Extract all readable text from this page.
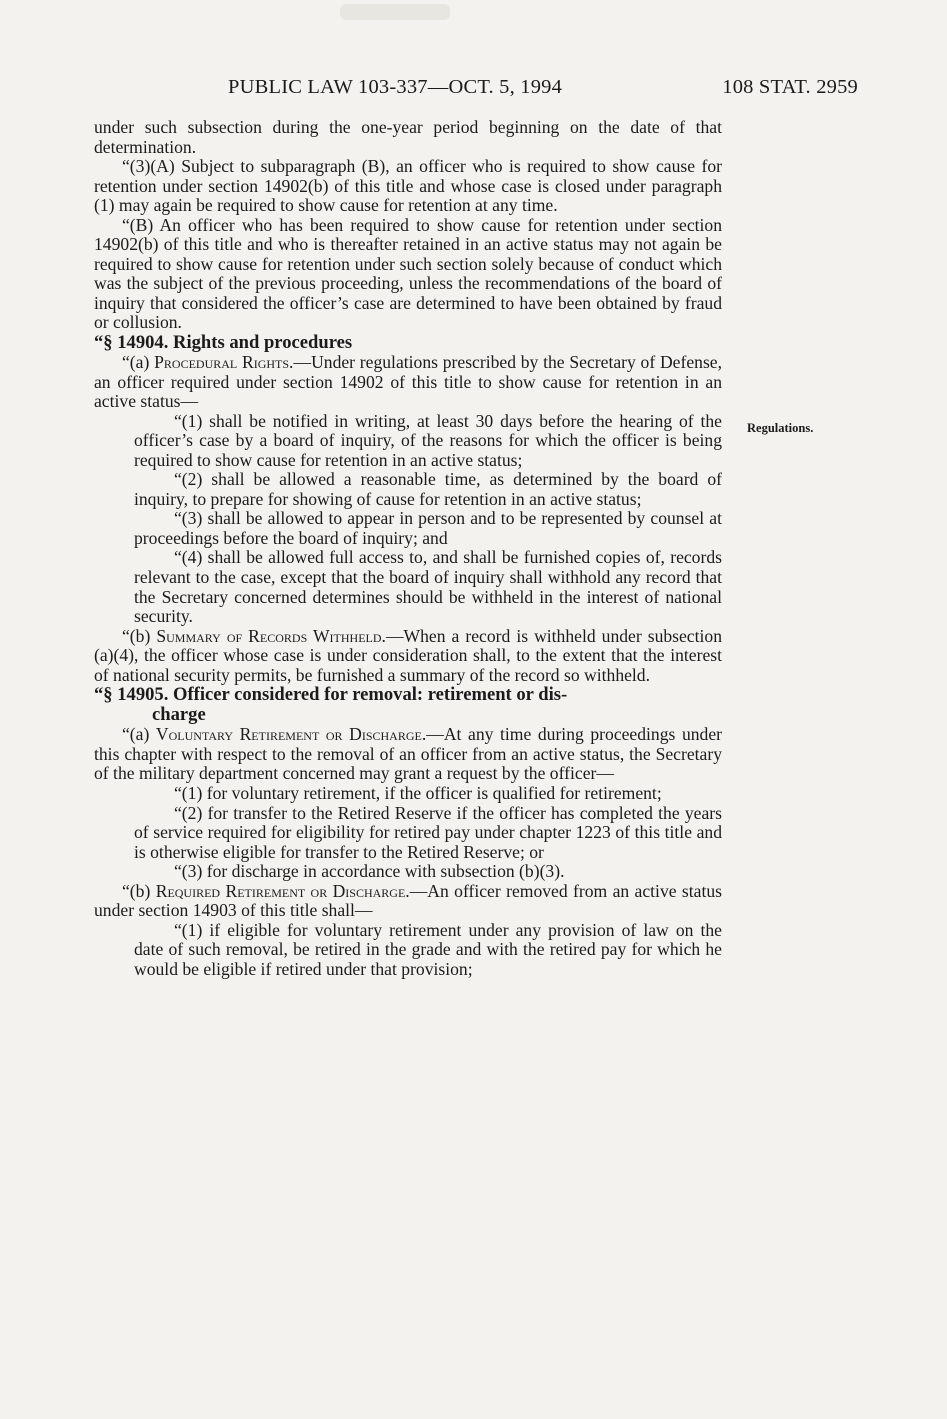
PUBLIC LAW 103-337—OCT. 5, 1994	108 STAT. 2959
Regulations.

under such subsection during the one-year period beginning on the date of that determination.

“(3)(A) Subject to subparagraph (B), an officer who is required to show cause for retention under section 14902(b) of this title and whose case is closed under paragraph (1) may again be required to show cause for retention at any time.

“(B) An officer who has been required to show cause for retention under section 14902(b) of this title and who is thereafter retained in an active status may not again be required to show cause for retention under such section solely because of conduct which was the subject of the previous proceeding, unless the recommendations of the board of inquiry that considered the officer’s case are determined to have been obtained by fraud or collusion.

“§ 14904. Rights and procedures

“(a) Procedural Rights.—Under regulations prescribed by the Secretary of Defense, an officer required under section 14902 of this title to show cause for retention in an active status—

“(1) shall be notified in writing, at least 30 days before the hearing of the officer’s case by a board of inquiry, of the reasons for which the officer is being required to show cause for retention in an active status;

“(2) shall be allowed a reasonable time, as determined by the board of inquiry, to prepare for showing of cause for retention in an active status;

“(3) shall be allowed to appear in person and to be represented by counsel at proceedings before the board of inquiry; and

“(4) shall be allowed full access to, and shall be furnished copies of, records relevant to the case, except that the board of inquiry shall withhold any record that the Secretary concerned determines should be withheld in the interest of national security.

“(b) Summary of Records Withheld.—When a record is withheld under subsection (a)(4), the officer whose case is under consideration shall, to the extent that the interest of national security permits, be furnished a summary of the record so withheld.

“§ 14905. Officer considered for removal: retirement or dis-

charge

“(a) Voluntary Retirement or Discharge.—At any time during proceedings under this chapter with respect to the removal of an officer from an active status, the Secretary of the military department concerned may grant a request by the officer—

“(1) for voluntary retirement, if the officer is qualified for retirement;

“(2) for transfer to the Retired Reserve if the officer has completed the years of service required for eligibility for retired pay under chapter 1223 of this title and is otherwise eligible for transfer to the Retired Reserve; or

“(3) for discharge in accordance with subsection (b)(3).

“(b) Required Retirement or Discharge.—An officer removed from an active status under section 14903 of this title shall—

“(1) if eligible for voluntary retirement under any provision of law on the date of such removal, be retired in the grade and with the retired pay for which he would be eligible if retired under that provision;
